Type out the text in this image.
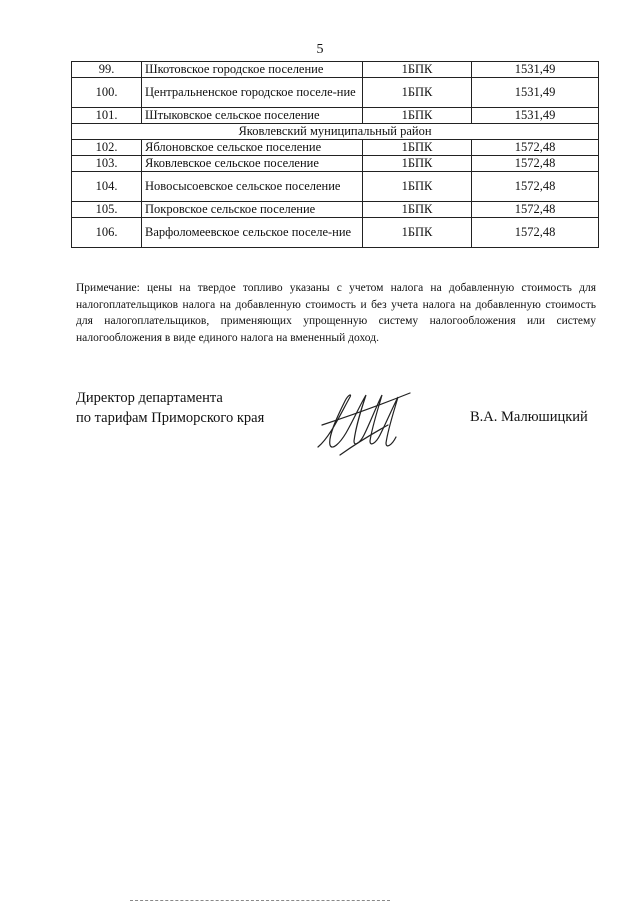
5
99.	Шкотовское городское поселение	1БПК	1531,49
100.	Центральненское городское поселе-ние	1БПК	1531,49
101.	Штыковское сельское поселение	1БПК	1531,49
Яковлевский муниципальный район			
102.	Яблоновское сельское поселение	1БПК	1572,48
103.	Яковлевское сельское поселение	1БПК	1572,48
104.	Новосысоевское сельское поселение	1БПК	1572,48
105.	Покровское сельское поселение	1БПК	1572,48
106.	Варфоломеевское сельское поселе-ние	1БПК	1572,48
Примечание: цены на твердое топливо указаны с учетом налога на добавленную стоимость для налогоплательщиков налога на добавленную стоимость и без учета налога на добавленную стоимость для налогоплательщиков, применяющих упрощенную систему налогообложения или систему налогообложения в виде единого налога на вмененный доход.
Директор департамента
по тарифам Приморского края	В.А. Малюшицкий
